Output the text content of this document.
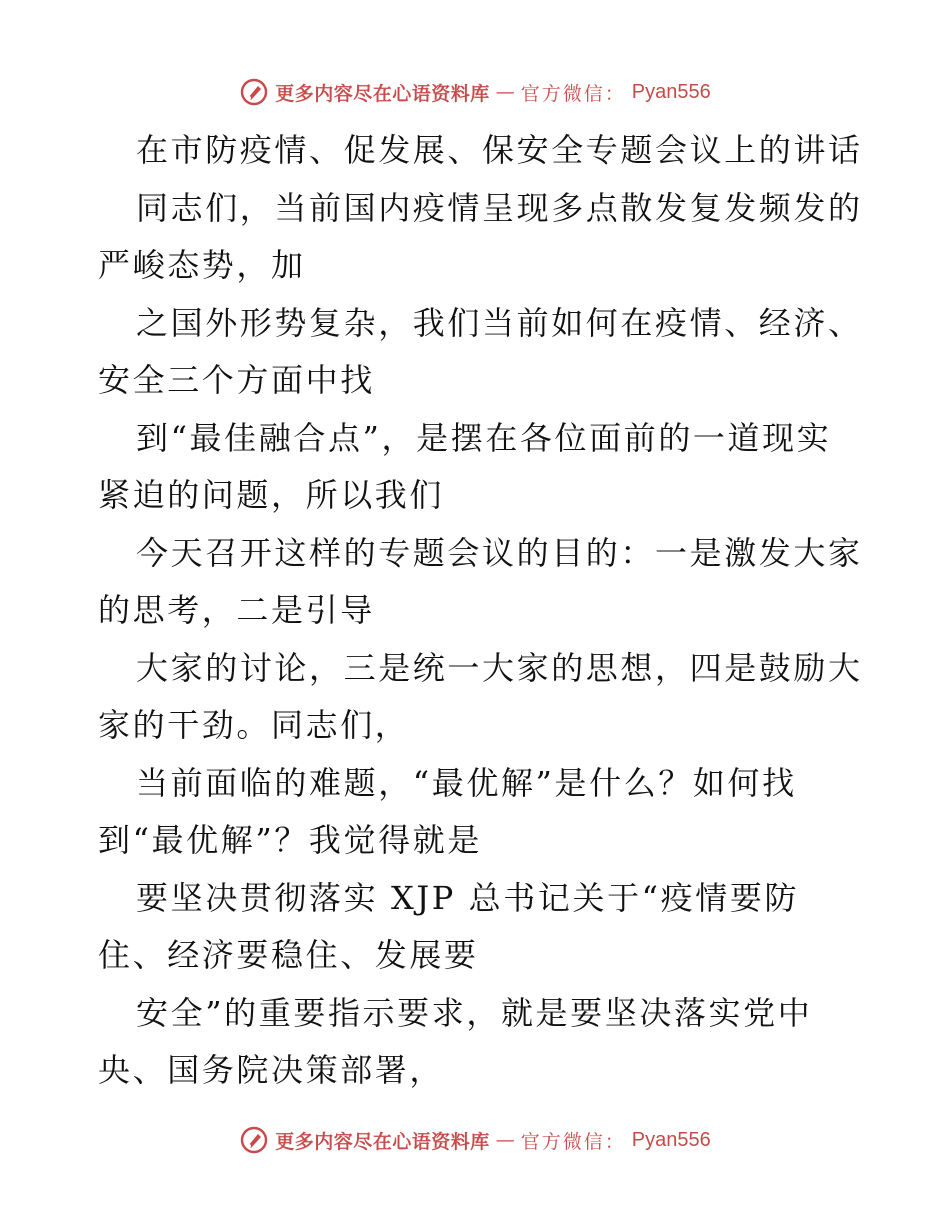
更多内容尽在心语资料库 — 官方微信： Pyan556
在市防疫情、促发展、保安全专题会议上的讲话
同志们，当前国内疫情呈现多点散发复发频发的
严峻态势，加
之国外形势复杂，我们当前如何在疫情、经济、
安全三个方面中找
到“最佳融合点”，是摆在各位面前的一道现实
紧迫的问题，所以我们
今天召开这样的专题会议的目的：一是激发大家
的思考，二是引导
大家的讨论，三是统一大家的思想，四是鼓励大
家的干劲。同志们，
当前面临的难题，“最优解”是什么？如何找
到“最优解”？我觉得就是
要坚决贯彻落实 XJP 总书记关于“疫情要防
住、经济要稳住、发展要
安全”的重要指示要求，就是要坚决落实党中
央、国务院决策部署，
更多内容尽在心语资料库 — 官方微信： Pyan556
